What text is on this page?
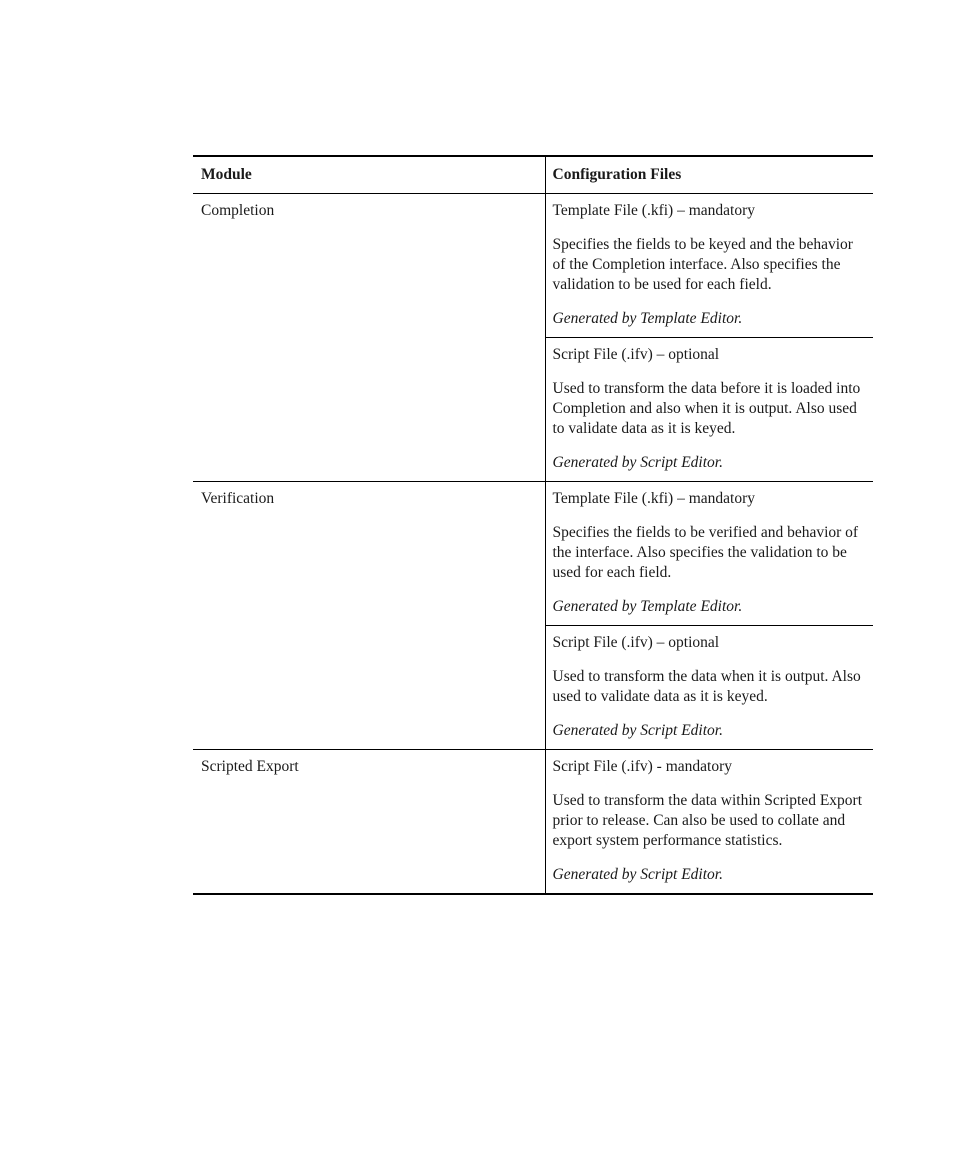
Module	Configuration Files
Completion	Template File (.kfi) – mandatory

Specifies the fields to be keyed and the behavior of the Completion interface. Also specifies the validation to be used for each field.

Generated by Template Editor.

	Script File (.ifv) – optional

Used to transform the data before it is loaded into Completion and also when it is output. Also used to validate data as it is keyed.

Generated by Script Editor.

Verification	Template File (.kfi) – mandatory

Specifies the fields to be verified and behavior of the interface. Also specifies the validation to be used for each field.

Generated by Template Editor.

	Script File (.ifv) – optional

Used to transform the data when it is output. Also used to validate data as it is keyed.

Generated by Script Editor.

Scripted Export	Script File (.ifv) - mandatory

Used to transform the data within Scripted Export prior to release. Can also be used to collate and export system performance statistics.

Generated by Script Editor.
